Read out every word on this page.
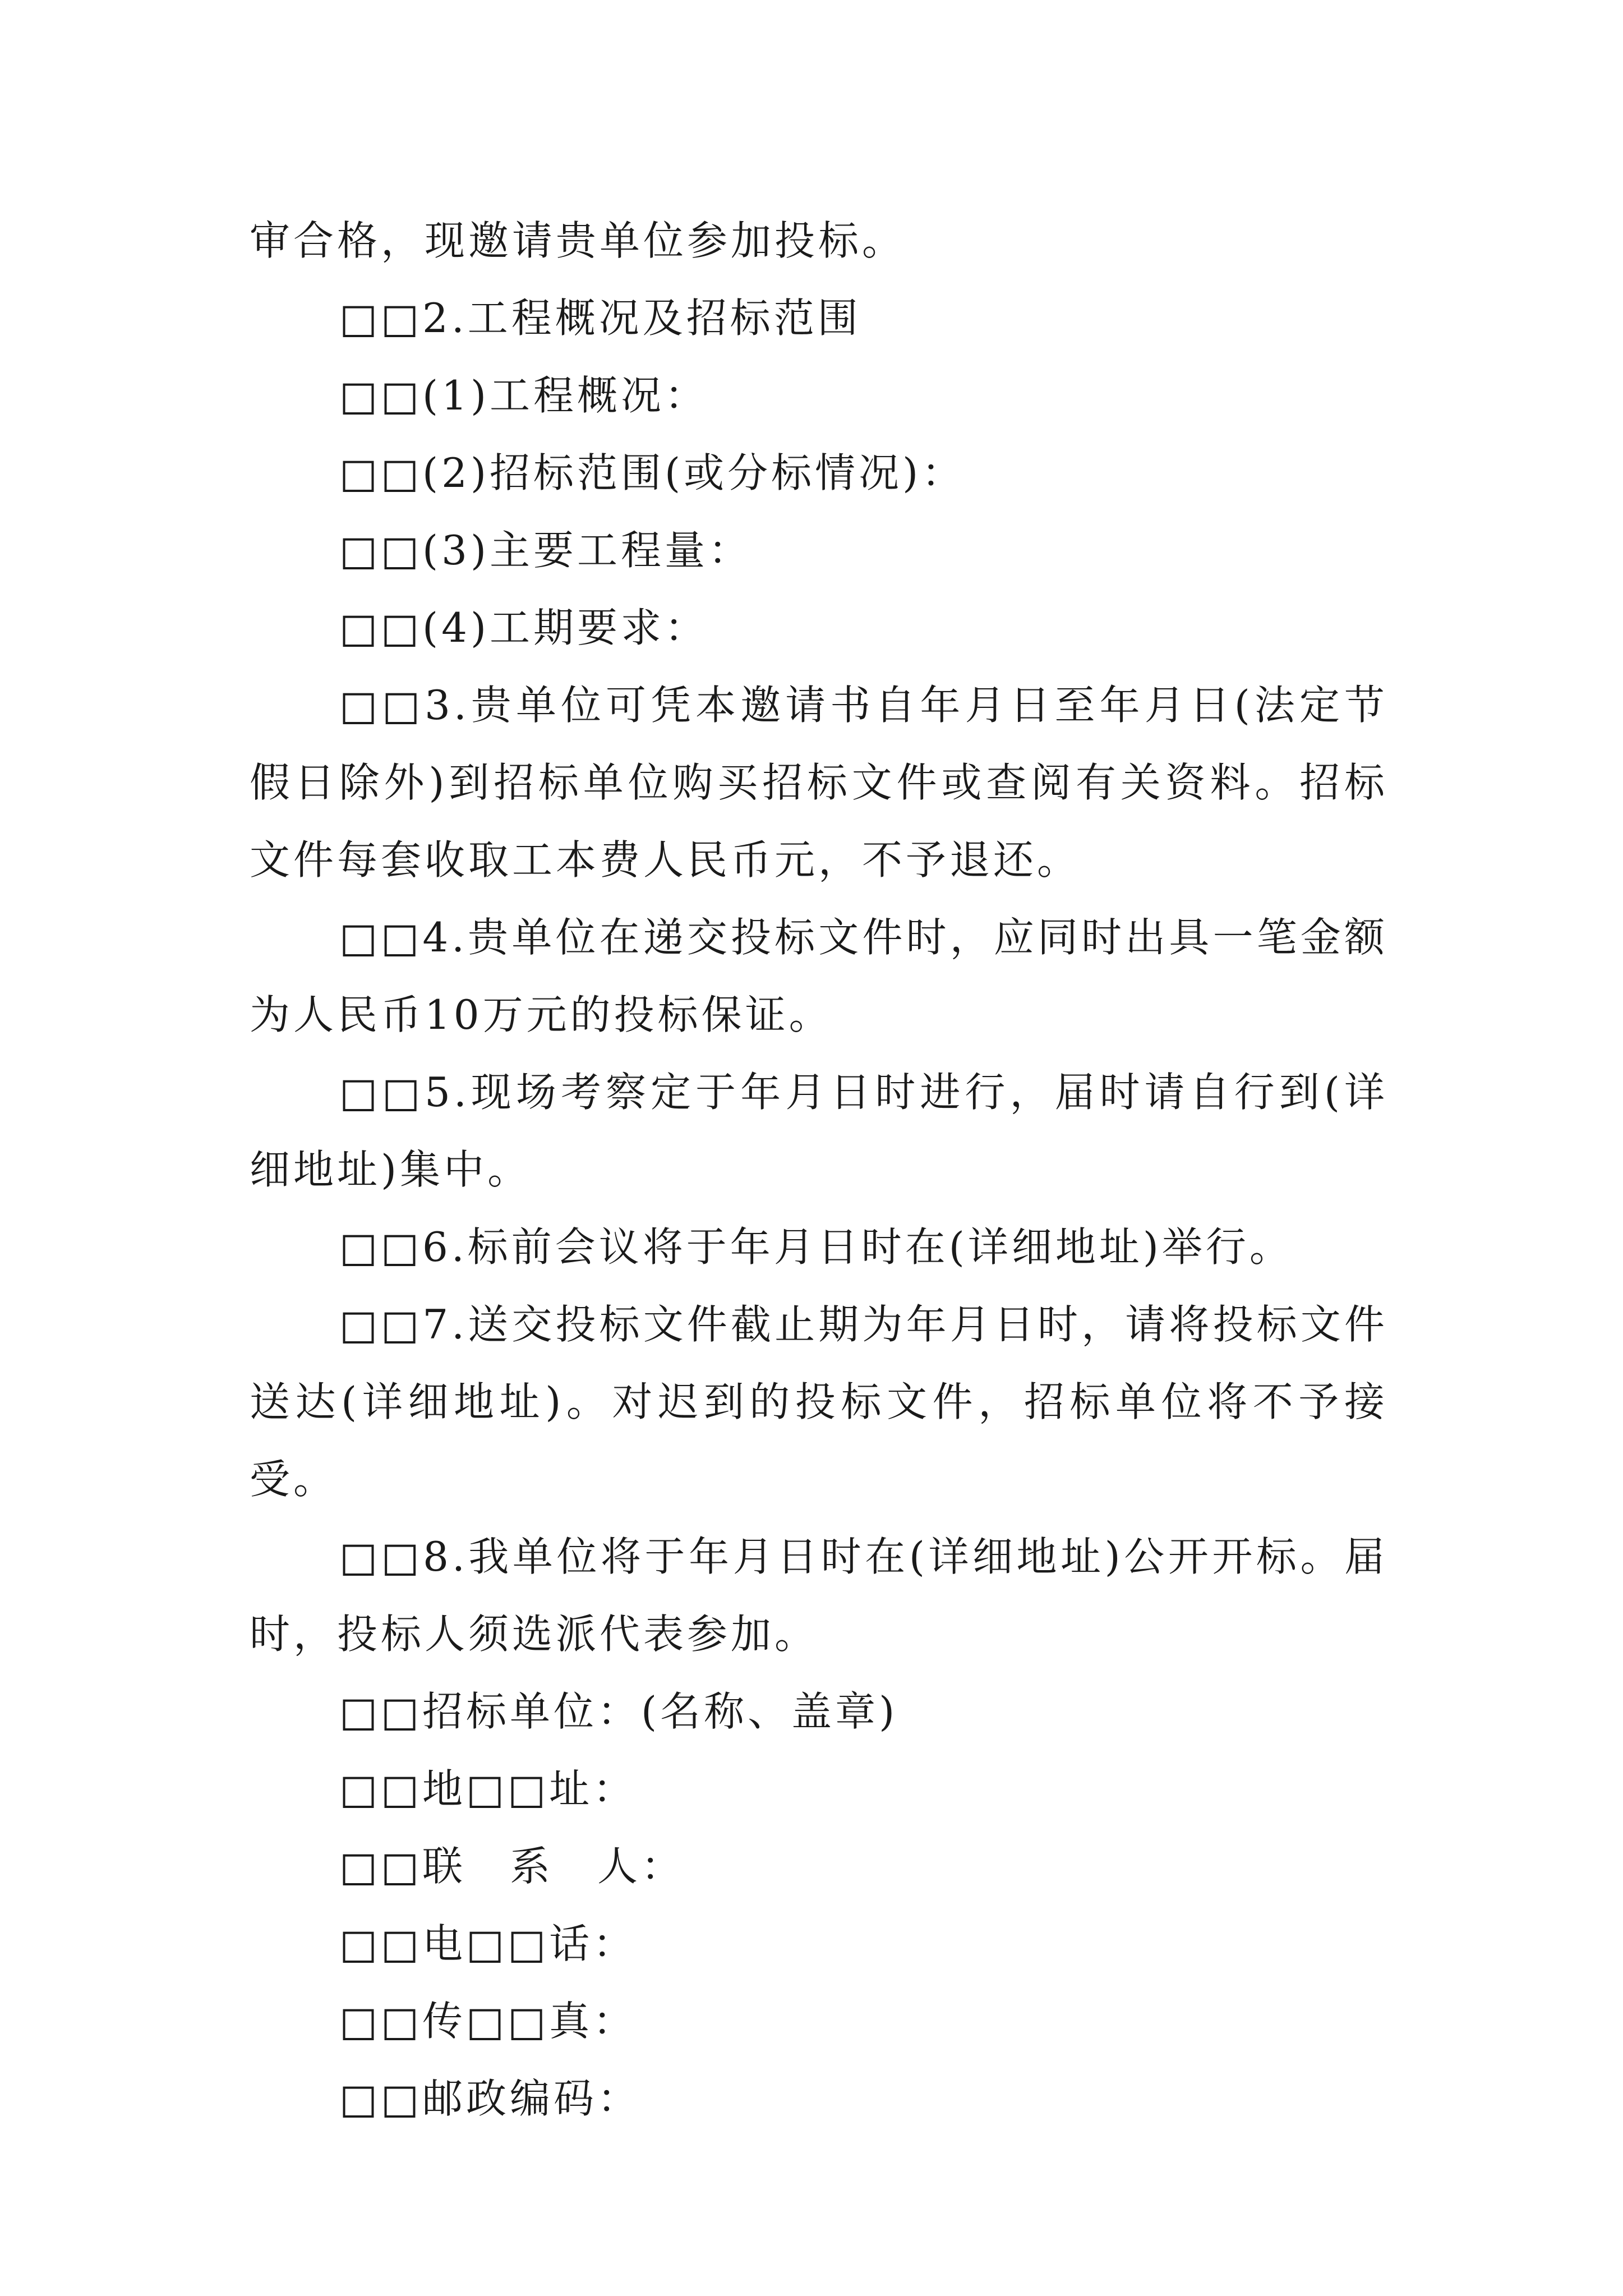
审合格，现邀请贵单位参加投标。

□□2.工程概况及招标范围

□□(1)工程概况：

□□(2)招标范围(或分标情况)：

□□(3)主要工程量：

□□(4)工期要求：

□□3.贵单位可凭本邀请书自年月日至年月日(法定节假日除外)到招标单位购买招标文件或查阅有关资料。招标文件每套收取工本费人民币元，不予退还。

□□4.贵单位在递交投标文件时，应同时出具一笔金额为人民币10万元的投标保证。

□□5.现场考察定于年月日时进行，届时请自行到(详细地址)集中。

□□6.标前会议将于年月日时在(详细地址)举行。

□□7.送交投标文件截止期为年月日时，请将投标文件送达(详细地址)。对迟到的投标文件，招标单位将不予接受。

□□8.我单位将于年月日时在(详细地址)公开开标。届时，投标人须选派代表参加。

□□招标单位：(名称、盖章)

□□地□□址：

□□联　系　人：

□□电□□话：

□□传□□真：

□□邮政编码：
